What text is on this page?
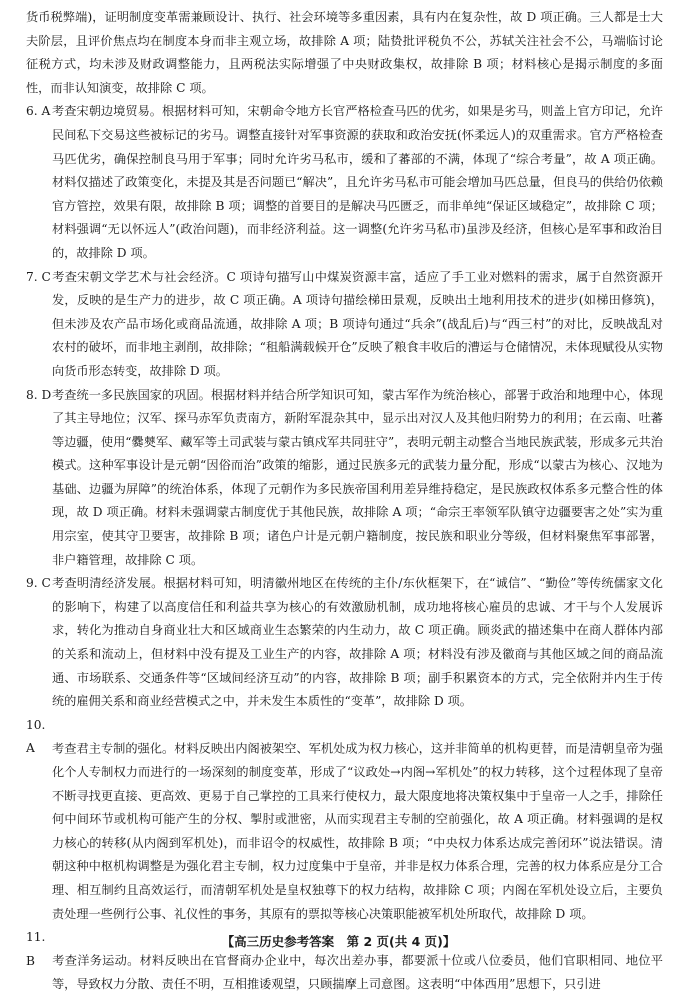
货币税弊端)，证明制度变革需兼顾设计、执行、社会环境等多重因素，具有内在复杂性，故 D 项正确。三人都是士大夫阶层，且评价焦点均在制度本身而非主观立场，故排除 A 项；陆贽批评税负不公，苏轼关注社会不公，马端临讨论征税方式，均未涉及财政调整能力，且两税法实际增强了中央财政集权，故排除 B 项；材料核心是揭示制度的多面性，而非认知演变，故排除 C 项。

6. A 考查宋朝边境贸易。根据材料可知，宋朝命令地方长官严格检查马匹的优劣，如果是劣马，则盖上官方印记，允许民间私下交易这些被标记的劣马。调整直接针对军事资源的获取和政治安抚(怀柔远人)的双重需求。官方严格检查马匹优劣，确保控制良马用于军事；同时允许劣马私市，缓和了蕃部的不满，体现了“综合考量”，故 A 项正确。材料仅描述了政策变化，未提及其是否问题已“解决”，且允许劣马私市可能会增加马匹总量，但良马的供给仍依赖官方管控，效果有限，故排除 B 项；调整的首要目的是解决马匹匮乏，而非单纯“保证区域稳定”，故排除 C 项；材料强调“无以怀远人”(政治问题)，而非经济利益。这一调整(允许劣马私市)虽涉及经济，但核心是军事和政治目的，故排除 D 项。

7. C考查宋朝文学艺术与社会经济。C 项诗句描写山中煤炭资源丰富，适应了手工业对燃料的需求，属于自然资源开发，反映的是生产力的进步，故 C 项正确。A 项诗句描绘梯田景观，反映出土地利用技术的进步(如梯田修筑)，但未涉及农产品市场化或商品流通，故排除 A 项；B 项诗句通过“兵余”(战乱后)与“西三村”的对比，反映战乱对农村的破坏，而非地主剥削，故排除；“租船满载候开仓”反映了粮食丰收后的漕运与仓储情况，未体现赋役从实物向货币形态转变，故排除 D 项。

8. D考查统一多民族国家的巩固。根据材料并结合所学知识可知，蒙古军作为统治核心，部署于政治和地理中心，体现了其主导地位；汉军、探马赤军负责南方，新附军混杂其中，显示出对汉人及其他归附势力的利用；在云南、吐蕃等边疆，使用“爨僰军、藏军等土司武装与蒙古镇戍军共同驻守”，表明元朝主动整合当地民族武装，形成多元共治模式。这种军事设计是元朝“因俗而治”政策的缩影，通过民族多元的武装力量分配，形成“以蒙古为核心、汉地为基础、边疆为屏障”的统治体系，体现了元朝作为多民族帝国利用差异维持稳定，是民族政权体系多元整合性的体现，故 D 项正确。材料未强调蒙古制度优于其他民族，故排除 A 项；“命宗王率领军队镇守边疆要害之处”实为重用宗室，使其守卫要害，故排除 B 项；诸色户计是元朝户籍制度，按民族和职业分等级，但材料聚焦军事部署，非户籍管理，故排除 C 项。

9. C考查明清经济发展。根据材料可知，明清徽州地区在传统的主仆/东伙框架下，在“诚信”、“勤俭”等传统儒家文化的影响下，构建了以高度信任和利益共享为核心的有效激励机制，成功地将核心雇员的忠诚、才干与个人发展诉求，转化为推动自身商业壮大和区域商业生态繁荣的内生动力，故 C 项正确。顾炎武的描述集中在商人群体内部的关系和流动上，但材料中没有提及工业生产的内容，故排除 A 项；材料没有涉及徽商与其他区域之间的商品流通、市场联系、交通条件等“区域间经济互动”的内容，故排除 B 项；副手积累资本的方式，完全依附并内生于传统的雇佣关系和商业经营模式之中，并未发生本质性的“变革”，故排除 D 项。

10. A 考查君主专制的强化。材料反映出内阁被架空、军机处成为权力核心，这并非简单的机构更替，而是清朝皇帝为强化个人专制权力而进行的一场深刻的制度变革，形成了“议政处→内阁→军机处”的权力转移，这个过程体现了皇帝不断寻找更直接、更高效、更易于自己掌控的工具来行使权力，最大限度地将决策权集中于皇帝一人之手，排除任何中间环节或机构可能产生的分权、掣肘或泄密，从而实现君主专制的空前强化，故 A 项正确。材料强调的是权力核心的转移(从内阁到军机处)，而非诏令的权威性，故排除 B 项；“中央权力体系达成完善闭环”说法错误。清朝这种中枢机构调整是为强化君主专制，权力过度集中于皇帝，并非是权力体系合理，完善的权力体系应是分工合理、相互制约且高效运行，而清朝军机处是皇权独尊下的权力结构，故排除 C 项；内阁在军机处设立后，主要负责处理一些例行公事、礼仪性的事务，其原有的票拟等核心决策职能被军机处所取代，故排除 D 项。

11. B 考查洋务运动。材料反映出在官督商办企业中，每次出差办事，都要派十位或八位委员，他们官职相同、地位平等，导致权力分散、责任不明，互相推诿观望，只顾揣摩上司意图。这表明“中体西用”思想下，只引进

【高三历史参考答案　第 2 页(共 4 页)】
